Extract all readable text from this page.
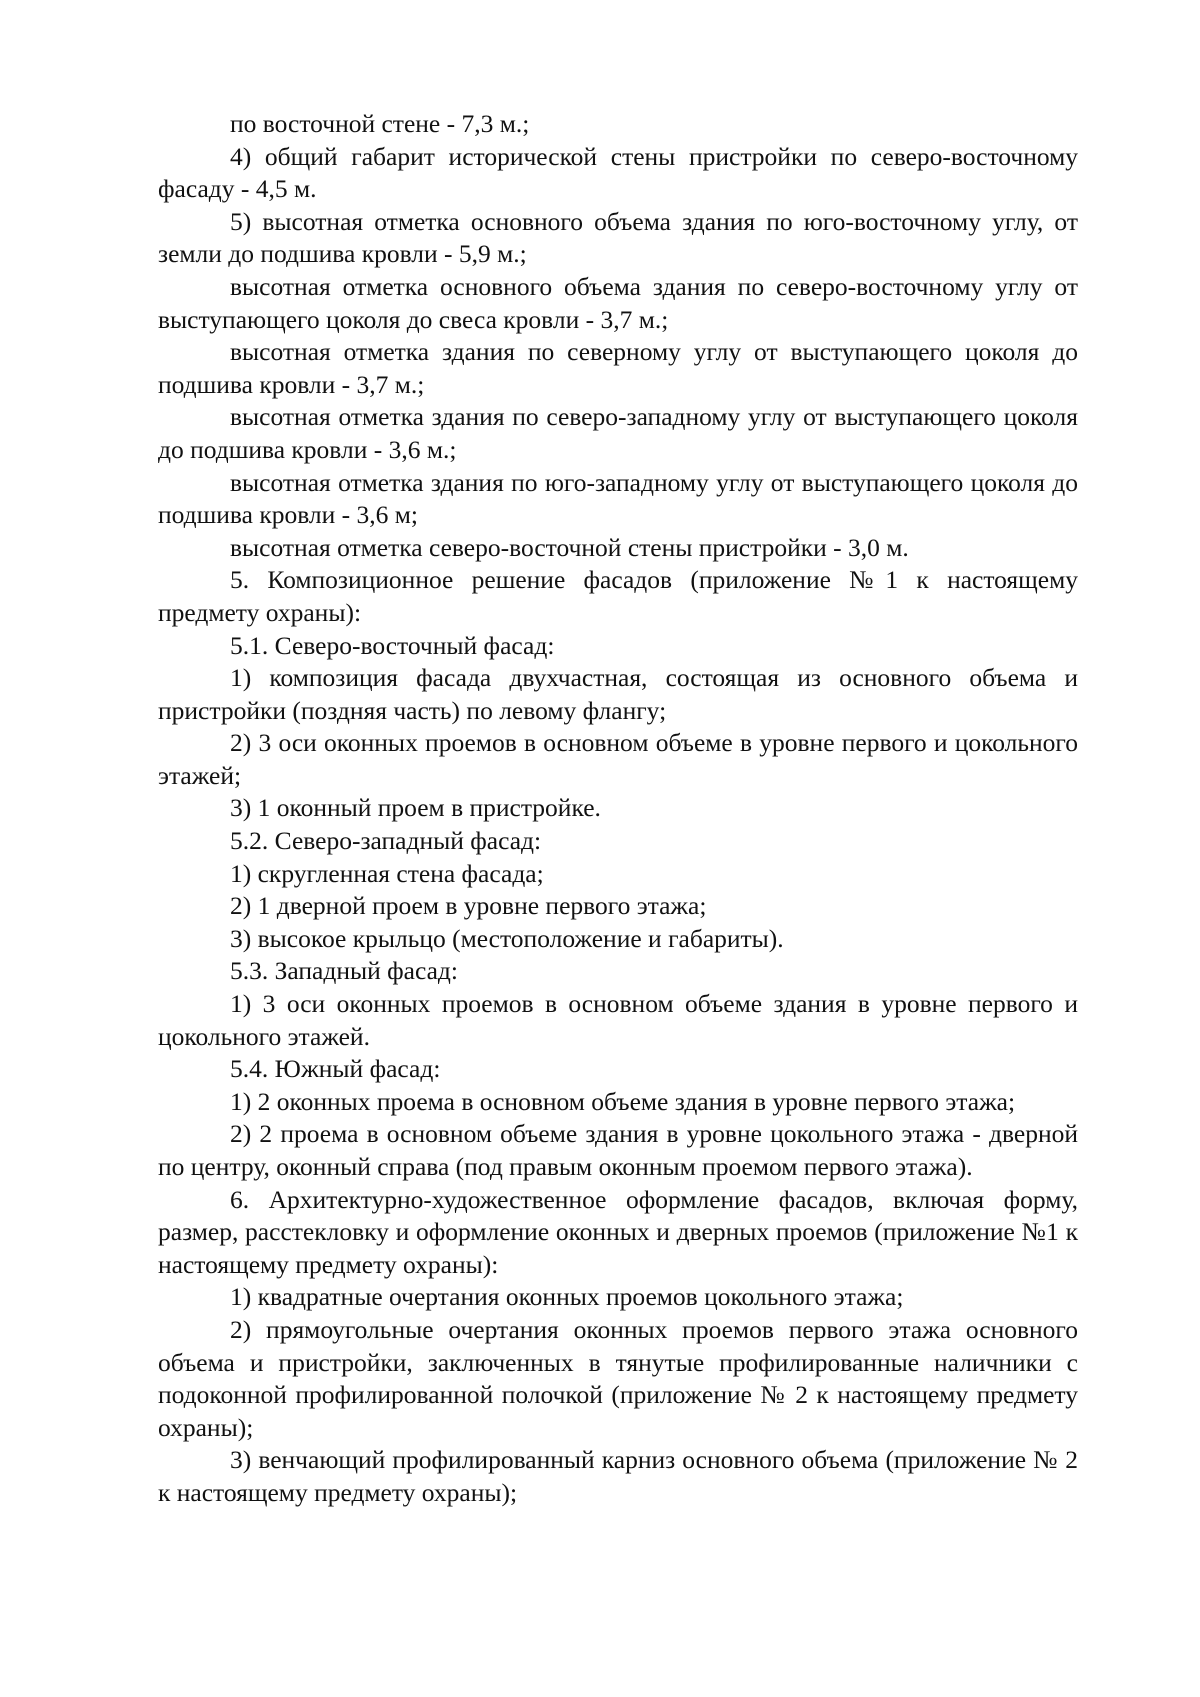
по восточной стене - 7,3 м.;

4) общий габарит исторической стены пристройки по северо-восточному фасаду - 4,5 м.

5) высотная отметка основного объема здания по юго-восточному углу, от земли до подшива кровли - 5,9 м.;

высотная отметка основного объема здания по северо-восточному углу от выступающего цоколя до свеса кровли - 3,7 м.;

высотная отметка здания по северному углу от выступающего цоколя до подшива кровли - 3,7 м.;

высотная отметка здания по северо-западному углу от выступающего цоколя до подшива кровли - 3,6 м.;

высотная отметка здания по юго-западному углу от выступающего цоколя до подшива кровли - 3,6 м;

высотная отметка северо-восточной стены пристройки - 3,0 м.

5. Композиционное решение фасадов (приложение №1 к настоящему предмету охраны):

5.1. Северо-восточный фасад:

1) композиция фасада двухчастная, состоящая из основного объема и пристройки (поздняя часть) по левому флангу;

2) 3 оси оконных проемов в основном объеме в уровне первого и цокольного этажей;

3) 1 оконный проем в пристройке.

5.2. Северо-западный фасад:

1) скругленная стена фасада;

2) 1 дверной проем в уровне первого этажа;

3) высокое крыльцо (местоположение и габариты).

5.3. Западный фасад:

1) 3 оси оконных проемов в основном объеме здания в уровне первого и цокольного этажей.

5.4. Южный фасад:

1) 2 оконных проема в основном объеме здания в уровне первого этажа;

2) 2 проема в основном объеме здания в уровне цокольного этажа - дверной по центру, оконный справа (под правым оконным проемом первого этажа).

6. Архитектурно-художественное оформление фасадов, включая форму, размер, расстекловку и оформление оконных и дверных проемов (приложение №1 к настоящему предмету охраны):

1) квадратные очертания оконных проемов цокольного этажа;

2) прямоугольные очертания оконных проемов первого этажа основного объема и пристройки, заключенных в тянутые профилированные наличники с подоконной профилированной полочкой (приложение № 2 к настоящему предмету охраны);

3) венчающий профилированный карниз основного объема (приложение № 2 к настоящему предмету охраны);
